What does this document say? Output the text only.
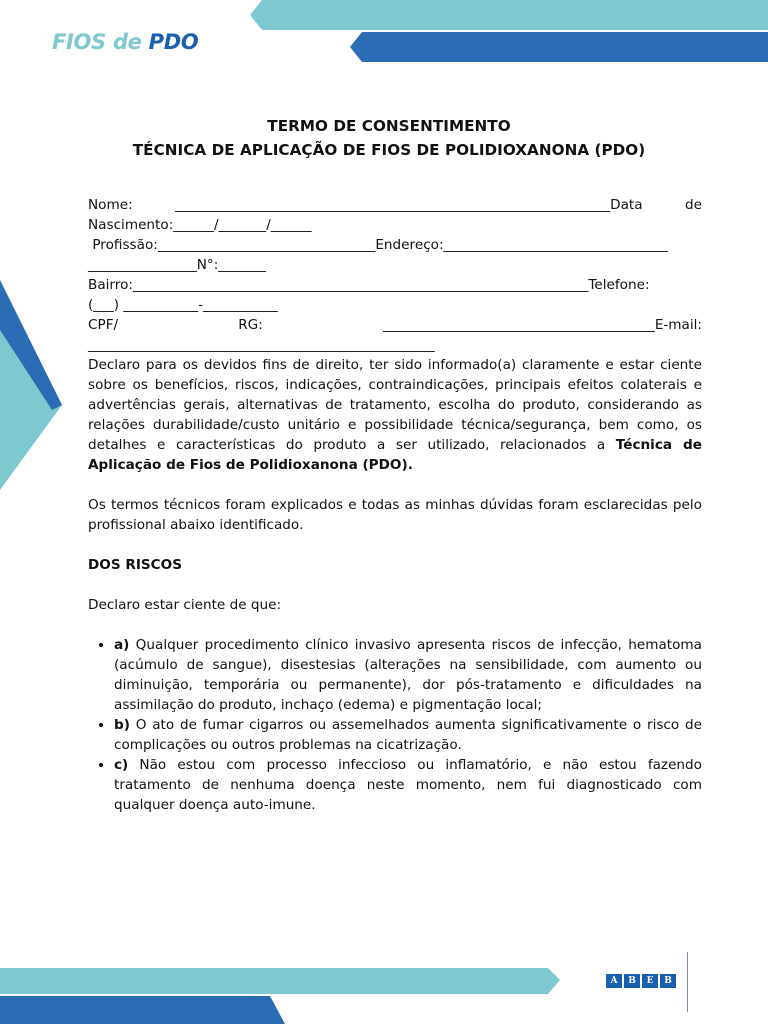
FIOS de PDO
TERMO DE CONSENTIMENTO
TÉCNICA DE APLICAÇÃO DE FIOS DE POLIDIOXANONA (PDO)
Nome:	________________________________________________________________Data	de
Nascimento:______/_______/______
Profissão:________________________________Endereço:_________________________________
________________N°:_______
Bairro:___________________________________________________________________Telefone:
(___) ___________-___________
CPF/	RG:	________________________________________E-mail:
___________________________________________________
Declaro para os devidos fins de direito, ter sido informado(a) claramente e estar ciente sobre os benefícios, riscos, indicações, contraindicações, principais efeitos colaterais e advertências gerais, alternativas de tratamento, escolha do produto, considerando as relações durabilidade/custo unitário e possibilidade técnica/segurança, bem como, os detalhes e características do produto a ser utilizado, relacionados a Técnica de Aplicação de Fios de Polidioxanona (PDO).
Os termos técnicos foram explicados e todas as minhas dúvidas foram esclarecidas pelo profissional abaixo identificado.
DOS RISCOS
Declaro estar ciente de que:
• a) Qualquer procedimento clínico invasivo apresenta riscos de infecção, hematoma (acúmulo de sangue), disestesias (alterações na sensibilidade, com aumento ou diminuição, temporária ou permanente), dor pós-tratamento e dificuldades na assimilação do produto, inchaço (edema) e pigmentação local;
• b) O ato de fumar cigarros ou assemelhados aumenta significativamente o risco de complicações ou outros problemas na cicatrização.
• c) Não estou com processo infeccioso ou inflamatório, e não estou fazendo tratamento de nenhuma doença neste momento, nem fui diagnosticado com qualquer doença auto-imune.
A	B	E	B
